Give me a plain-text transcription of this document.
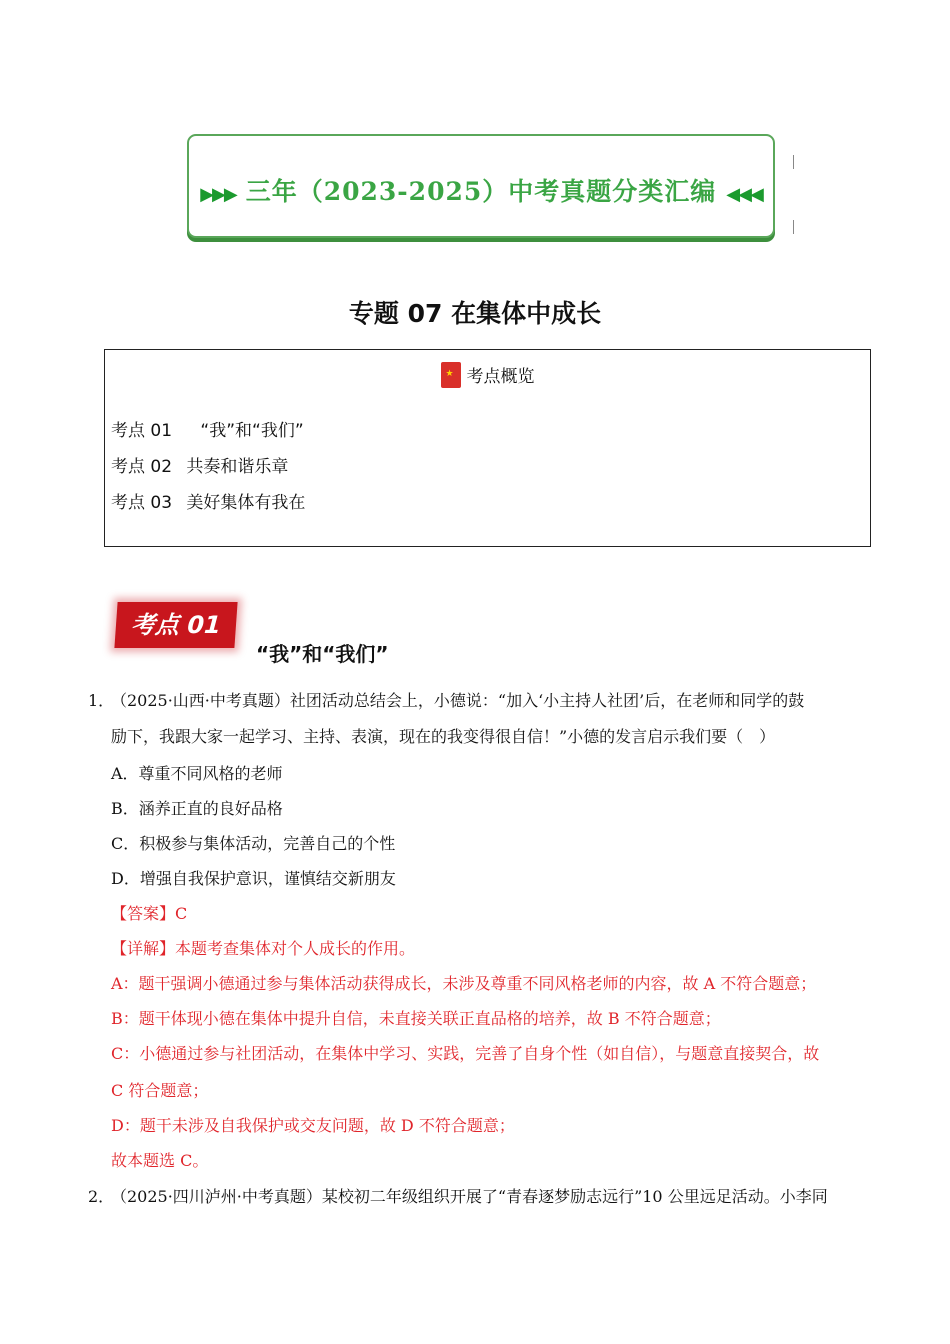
▶▶▶ 三年（2023-2025）中考真题分类汇编 ◀◀◀
专题 07 在集体中成长
★考点概览
考点 01 “我”和“我们”
考点 02 共奏和谐乐章
考点 03 美好集体有我在
考点 01
“我”和“我们”
1．
（2025·山西·中考真题）社团活动总结会上，小德说：“加入‘小主持人社团’后，在老师和同学的鼓
励下，我跟大家一起学习、主持、表演，现在的我变得很自信！”小德的发言启示我们要（　）
A．尊重不同风格的老师
B．涵养正直的良好品格
C．积极参与集体活动，完善自己的个性
D．增强自我保护意识，谨慎结交新朋友
【答案】C
【详解】本题考查集体对个人成长的作用。
A：题干强调小德通过参与集体活动获得成长，未涉及尊重不同风格老师的内容，故 A 不符合题意；
B：题干体现小德在集体中提升自信，未直接关联正直品格的培养，故 B 不符合题意；
C：小德通过参与社团活动，在集体中学习、实践，完善了自身个性（如自信），与题意直接契合，故
C 符合题意；
D：题干未涉及自我保护或交友问题，故 D 不符合题意；
故本题选 C。
2．
（2025·四川泸州·中考真题）某校初二年级组织开展了“青春逐梦励志远行”10 公里远足活动。小李同
